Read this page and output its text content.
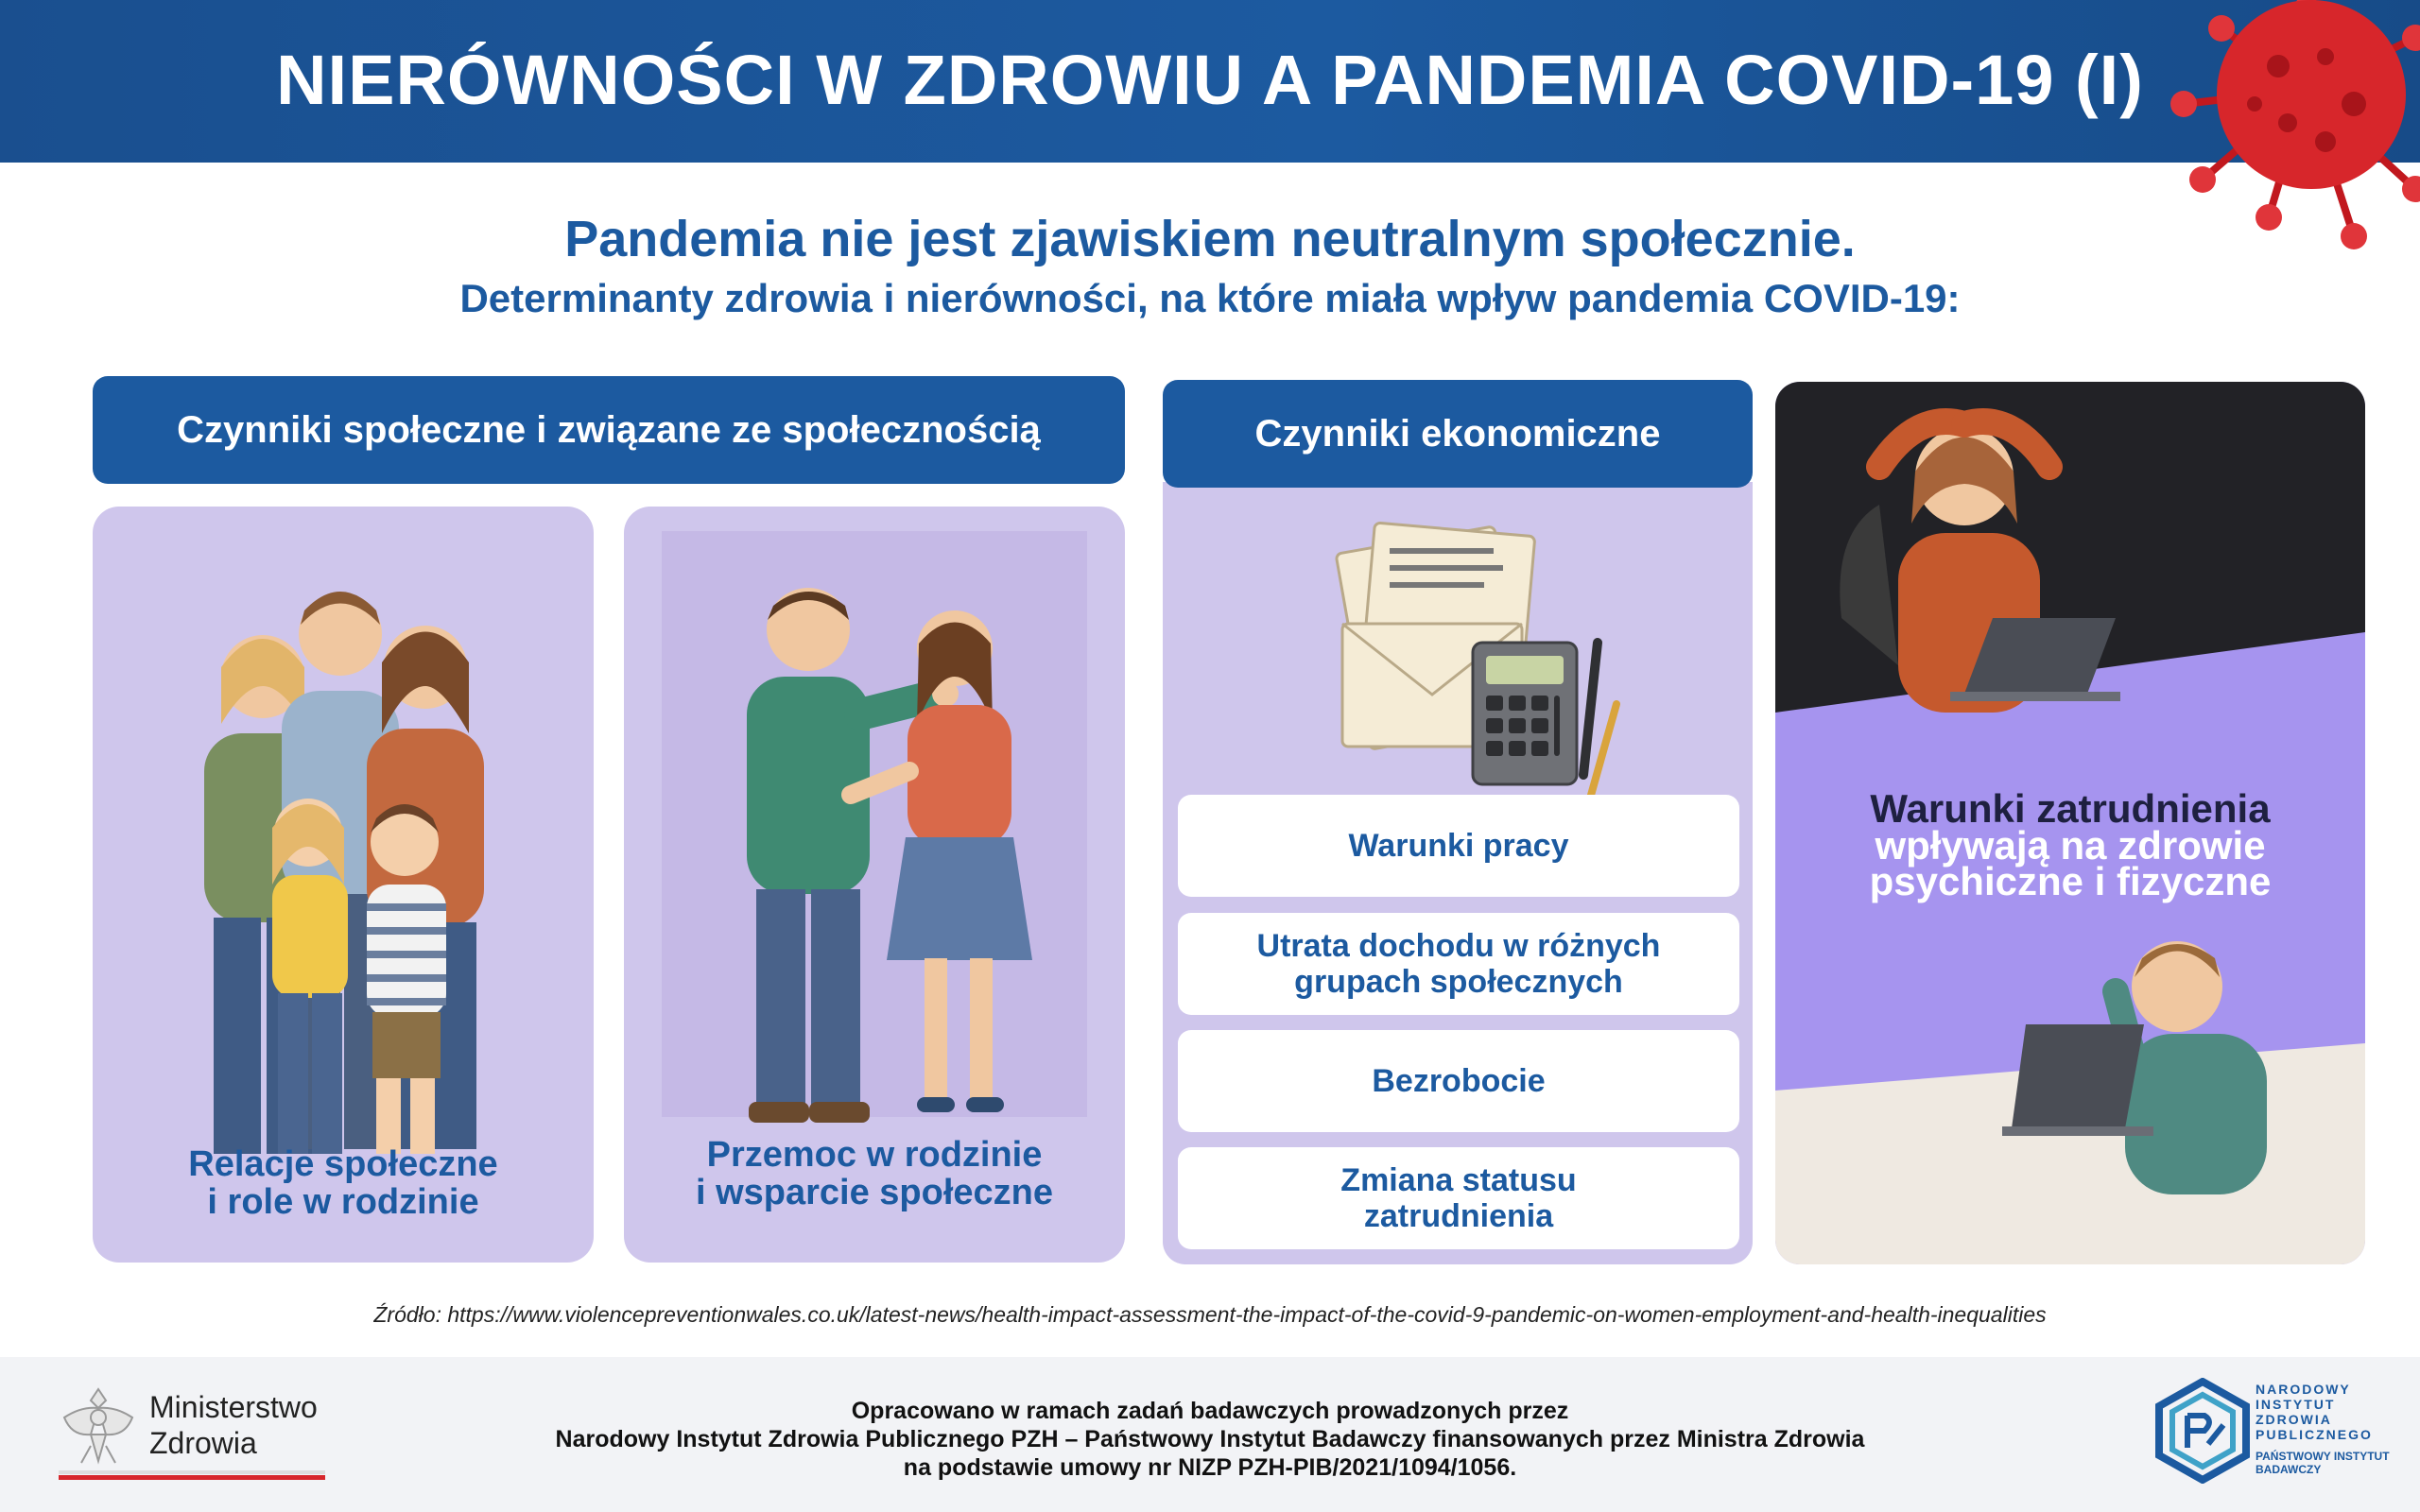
NIERÓWNOŚCI W ZDROWIU A PANDEMIA COVID-19 (I)
Pandemia nie jest zjawiskiem neutralnym społecznie.
Determinanty zdrowia i nierówności, na które miała wpływ pandemia COVID-19:
Czynniki społeczne i związane ze społecznością
Relacje społeczne
i role w rodzinie
Przemoc w rodzinie
i wsparcie społeczne
Czynniki ekonomiczne
Warunki pracy
Utrata dochodu w różnych
grupach społecznych
Bezrobocie
Zmiana statusu
zatrudnienia
Warunki zatrudnienia
wpływają na zdrowie
psychiczne i fizyczne
Źródło: https://www.violencepreventionwales.co.uk/latest-news/health-impact-assessment-the-impact-of-the-covid-9-pandemic-on-women-employment-and-health-inequalities
Ministerstwo
Zdrowia
Opracowano w ramach zadań badawczych prowadzonych przez
Narodowy Instytut Zdrowia Publicznego PZH – Państwowy Instytut Badawczy finansowanych przez Ministra Zdrowia
na podstawie umowy nr NIZP PZH-PIB/2021/1094/1056.
NARODOWY
INSTYTUT
ZDROWIA
PUBLICZNEGO
PAŃSTWOWY INSTYTUT
BADAWCZY
